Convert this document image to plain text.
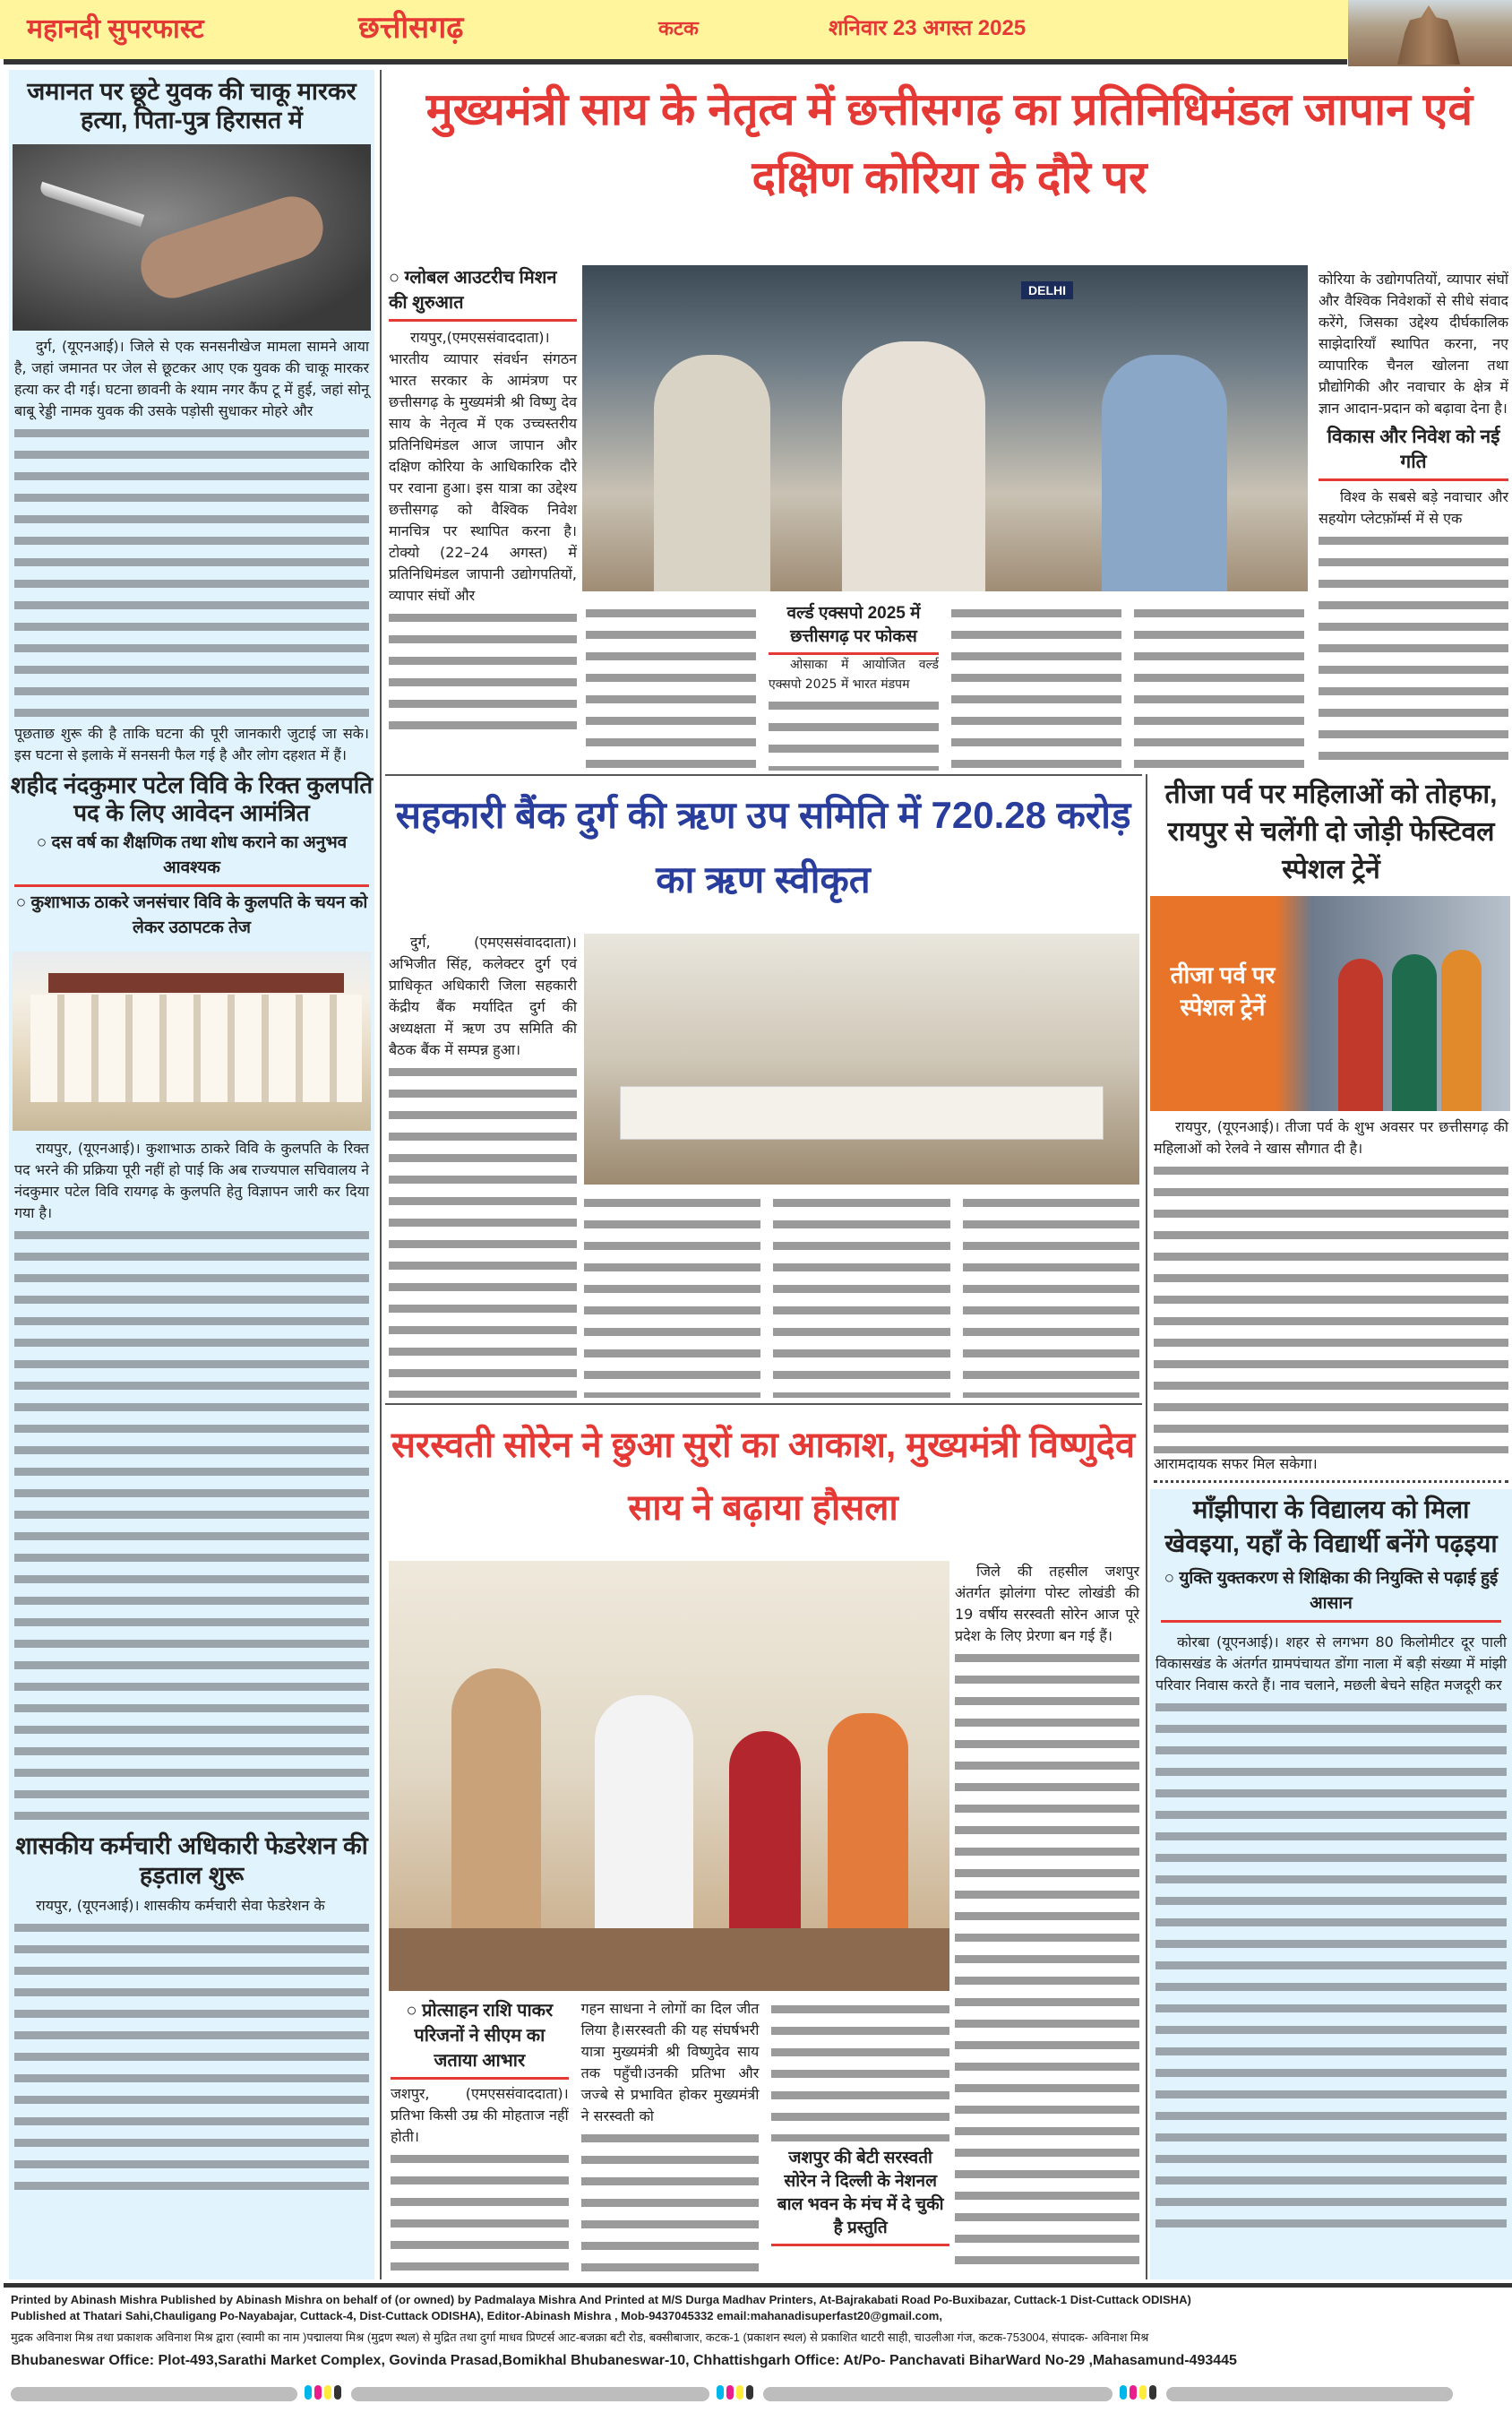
महानदी सुपरफास्ट	छत्तीसगढ़	कटक	शनिवार 23 अगस्त 2025
जमानत पर छूटे युवक की चाकू मारकर हत्या, पिता-पुत्र हिरासत में
दुर्ग, (यूएनआई)। जिले से एक सनसनीखेज मामला सामने आया है, जहां जमानत पर जेल से छूटकर आए एक युवक की चाकू मारकर हत्या कर दी गई। घटना छावनी के श्याम नगर कैंप टू में हुई, जहां सोनू बाबू रेड्डी नामक युवक की उसके पड़ोसी सुधाकर मोहरे और
पूछताछ शुरू की है ताकि घटना की पूरी जानकारी जुटाई जा सके। इस घटना से इलाके में सनसनी फैल गई है और लोग दहशत में हैं।
शहीद नंदकुमार पटेल विवि के रिक्त कुलपति पद के लिए आवेदन आमंत्रित
○ दस वर्ष का शैक्षणिक तथा शोध कराने का अनुभव आवश्यक
○ कुशाभाऊ ठाकरे जनसंचार विवि के कुलपति के चयन को लेकर उठापटक तेज
रायपुर, (यूएनआई)। कुशाभाऊ ठाकरे विवि के कुलपति के रिक्त पद भरने की प्रक्रिया पूरी नहीं हो पाई कि अब राज्यपाल सचिवालय ने नंदकुमार पटेल विवि रायगढ़ के कुलपति हेतु विज्ञापन जारी कर दिया गया है।
शासकीय कर्मचारी अधिकारी फेडरेशन की हड़ताल शुरू
रायपुर, (यूएनआई)। शासकीय कर्मचारी सेवा फेडरेशन के
मुख्यमंत्री साय के नेतृत्व में छत्तीसगढ़ का प्रतिनिधिमंडल जापान एवं दक्षिण कोरिया के दौरे पर
○ ग्लोबल आउटरीच मिशन की शुरुआत
रायपुर,(एमएससंवाददाता)। भारतीय व्यापार संवर्धन संगठन भारत सरकार के आमंत्रण पर छत्तीसगढ़ के मुख्यमंत्री श्री विष्णु देव साय के नेतृत्व में एक उच्चस्तरीय प्रतिनिधिमंडल आज जापान और दक्षिण कोरिया के आधिकारिक दौरे पर रवाना हुआ। इस यात्रा का उद्देश्य छत्तीसगढ़ को वैश्विक निवेश मानचित्र पर स्थापित करना है। टोक्यो (22–24 अगस्त) में प्रतिनिधिमंडल जापानी उद्योगपतियों, व्यापार संघों और
DELHI
वर्ल्ड एक्सपो 2025 में छत्तीसगढ़ पर फोकस
ओसाका में आयोजित वर्ल्ड एक्सपो 2025 में भारत मंडपम
कोरिया के उद्योगपतियों, व्यापार संघों और वैश्विक निवेशकों से सीधे संवाद करेंगे, जिसका उद्देश्य दीर्घकालिक साझेदारियाँ स्थापित करना, नए व्यापारिक चैनल खोलना तथा प्रौद्योगिकी और नवाचार के क्षेत्र में ज्ञान आदान-प्रदान को बढ़ावा देना है।
विकास और निवेश को नई गति
विश्व के सबसे बड़े नवाचार और सहयोग प्लेटफ़ॉर्म्स में से एक
सहकारी बैंक दुर्ग की ऋण उप समिति में 720.28 करोड़ का ऋण स्वीकृत
दुर्ग, (एमएससंवाददाता)। अभिजीत सिंह, कलेक्टर दुर्ग एवं प्राधिकृत अधिकारी जिला सहकारी केंद्रीय बैंक मर्यादित दुर्ग की अध्यक्षता में ऋण उप समिति की बैठक बैंक में सम्पन्न हुआ।
तीजा पर्व पर महिलाओं को तोहफा, रायपुर से चलेंगी दो जोड़ी फेस्टिवल स्पेशल ट्रेनें
तीजा पर्व पर स्पेशल ट्रेनें
रायपुर, (यूएनआई)। तीजा पर्व के शुभ अवसर पर छत्तीसगढ़ की महिलाओं को रेलवे ने खास सौगात दी है।
आरामदायक सफर मिल सकेगा।
माँझीपारा के विद्यालय को मिला खेवइया, यहाँ के विद्यार्थी बनेंगे पढ़इया
○ युक्ति युक्तकरण से शिक्षिका की नियुक्ति से पढ़ाई हुई आसान
कोरबा (यूएनआई)। शहर से लगभग 80 किलोमीटर दूर पाली विकासखंड के अंतर्गत ग्रामपंचायत डोंगा नाला में बड़ी संख्या में मांझी परिवार निवास करते हैं। नाव चलाने, मछली बेचने सहित मजदूरी कर
सरस्वती सोरेन ने छुआ सुरों का आकाश, मुख्यमंत्री विष्णुदेव साय ने बढ़ाया हौसला
जिले की तहसील जशपुर अंतर्गत झोलंगा पोस्ट लोखंडी की 19 वर्षीय सरस्वती सोरेन आज पूरे प्रदेश के लिए प्रेरणा बन गई हैं।
○ प्रोत्साहन राशि पाकर परिजनों ने सीएम का जताया आभार
जशपुर, (एमएससंवाददाता)। प्रतिभा किसी उम्र की मोहताज नहीं होती।
गहन साधना ने लोगों का दिल जीत लिया है।सरस्वती की यह संघर्षभरी यात्रा मुख्यमंत्री श्री विष्णुदेव साय तक पहुँची।उनकी प्रतिभा और जज्बे से प्रभावित होकर मुख्यमंत्री ने सरस्वती को
जशपुर की बेटी सरस्वती सोरेन ने दिल्ली के नेशनल बाल भवन के मंच में दे चुकी है प्रस्तुति
Printed by Abinash Mishra Published by Abinash Mishra on behalf of (or owned) by Padmalaya Mishra And Printed at M/S Durga Madhav Printers, At-Bajrakabati Road Po-Buxibazar, Cuttack-1 Dist-Cuttack ODISHA)
Published at Thatari Sahi,Chauligang Po-Nayabajar, Cuttack-4, Dist-Cuttack ODISHA), Editor-Abinash Mishra , Mob-9437045332 email:mahanadisuperfast20@gmail.com,
मुद्रक अविनाश मिश्र तथा प्रकाशक अविनाश मिश्र द्वारा (स्वामी का नाम )पद्मालया मिश्र (मुद्रण स्थल) से मुद्रित तथा दुर्गा माधव प्रिण्टर्स आट-बजक्रा बटी रोड, बक्सीबाजार, कटक-1 (प्रकाशन स्थल) से प्रकाशित थाटरी साही, चाउलीआ गंज, कटक-753004, संपादक- अविनाश मिश्र
Bhubaneswar Office: Plot-493,Sarathi Market Complex, Govinda Prasad,Bomikhal Bhubaneswar-10, Chhattishgarh Office: At/Po- Panchavati BiharWard No-29 ,Mahasamund-493445
